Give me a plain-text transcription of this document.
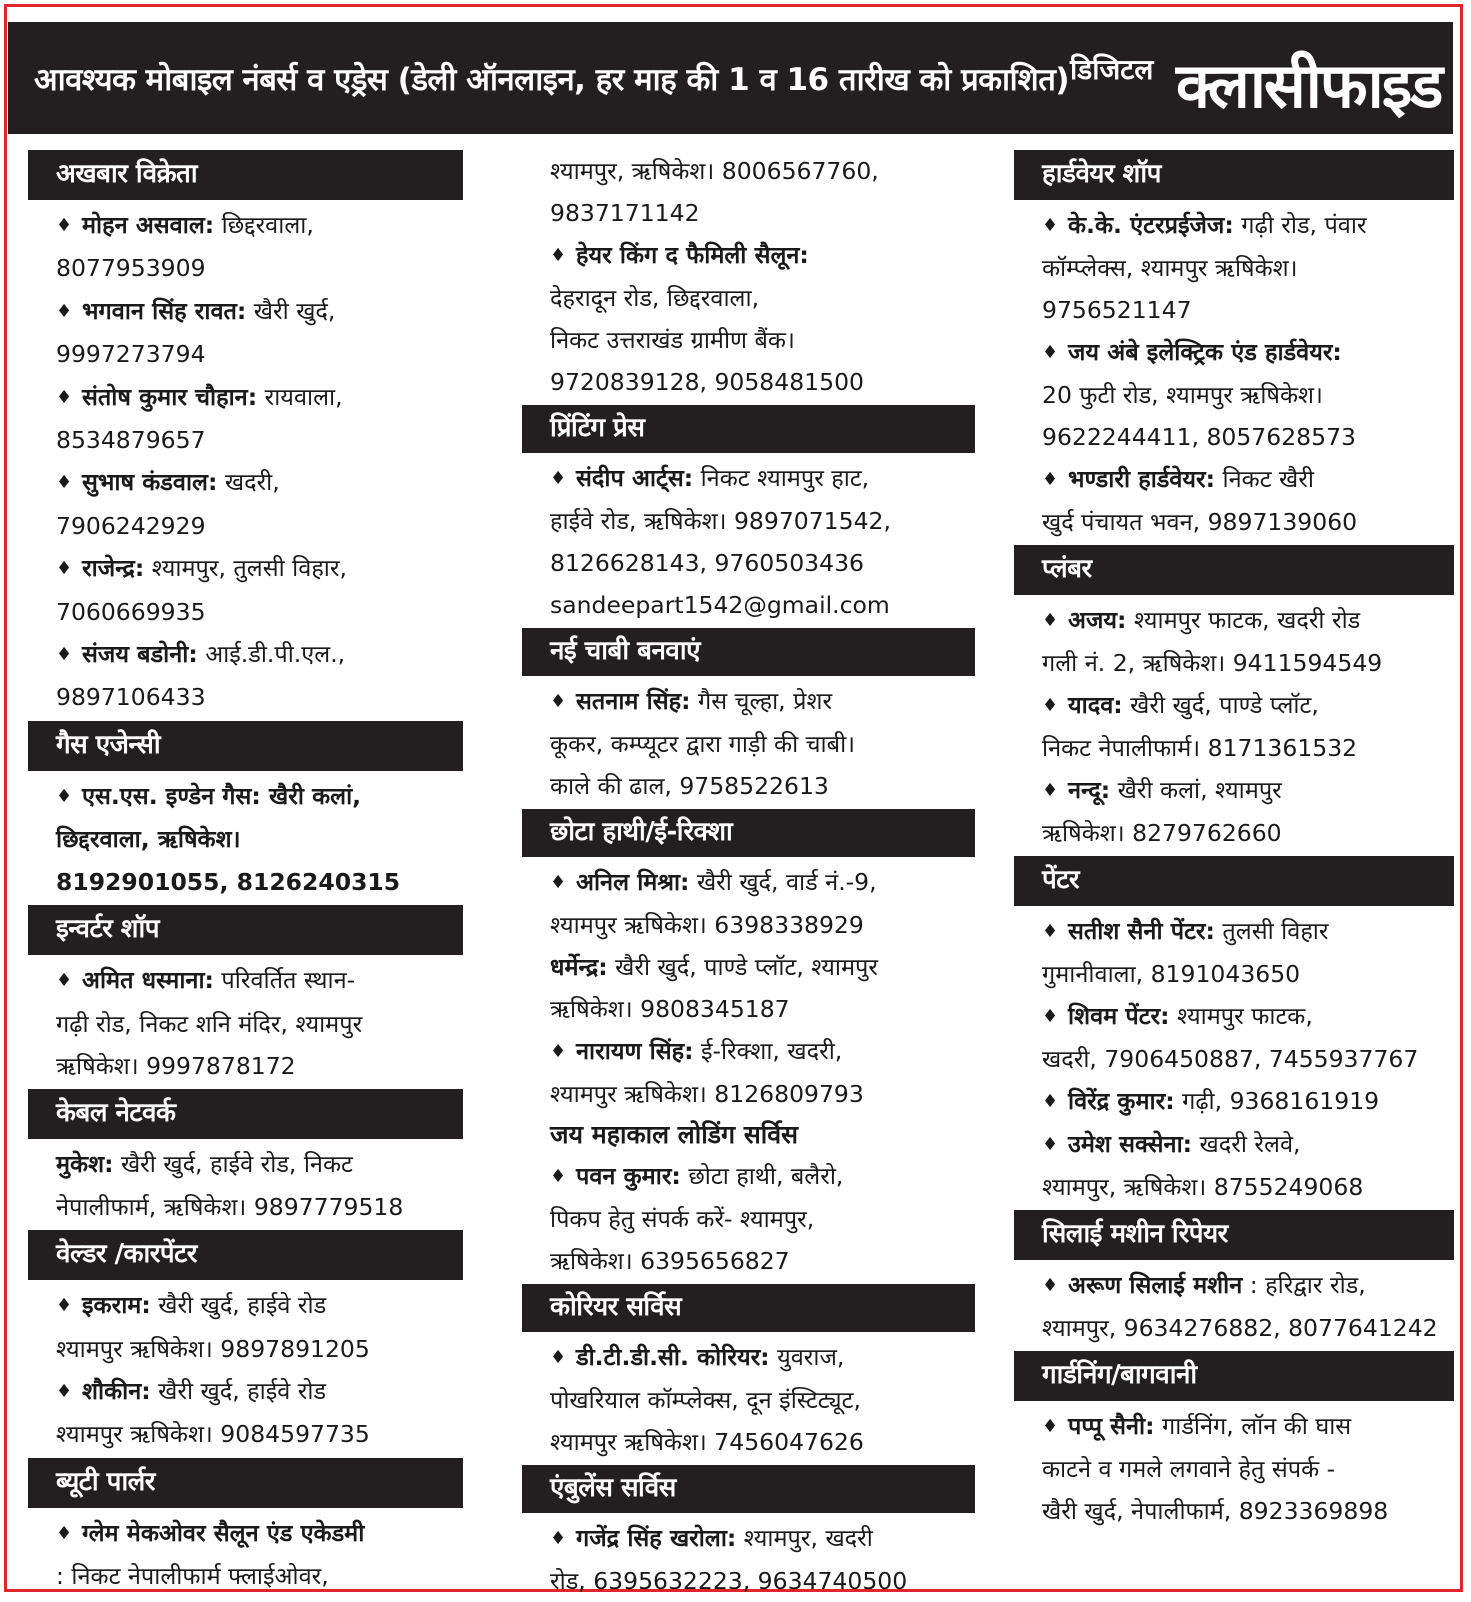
आवश्यक मोबाइल नंबर्स व एड्रेस (डेली ऑनलाइन, हर माह की 1 व 16 तारीख को प्रकाशित) डिजिटल क्लासीफाइड
अखबार विक्रेता
♦ मोहन असवाल: छिद्दरवाला,
8077953909
♦ भगवान सिंह रावत: खैरी खुर्द,
9997273794
♦ संतोष कुमार चौहान: रायवाला,
8534879657
♦ सुभाष कंडवाल: खदरी,
7906242929
♦ राजेन्द्र: श्यामपुर, तुलसी विहार,
7060669935
♦ संजय बडोनी: आई.डी.पी.एल.,
9897106433
गैस एजेन्सी
♦ एस.एस. इण्डेन गैस: खैरी कलां,
छिद्दरवाला, ऋषिकेश।
8192901055, 8126240315
इन्वर्टर शॉप
♦ अमित धस्माना: परिवर्तित स्थान-
गढ़ी रोड, निकट शनि मंदिर, श्यामपुर
ऋषिकेश। 9997878172
केबल नेटवर्क
मुकेश: खैरी खुर्द, हाईवे रोड, निकट
नेपालीफार्म, ऋषिकेश। 9897779518
वेल्डर /कारपेंटर
♦ इकराम: खैरी खुर्द, हाईवे रोड
श्यामपुर ऋषिकेश। 9897891205
♦ शौकीन: खैरी खुर्द, हाईवे रोड
श्यामपुर ऋषिकेश। 9084597735
ब्यूटी पार्लर
♦ ग्लेम मेकओवर सैलून एंड एकेडमी
: निकट नेपालीफार्म फ्लाईओवर,
श्यामपुर, ऋषिकेश। 8006567760,
9837171142
♦ हेयर किंग द फैमिली सैलून:
देहरादून रोड, छिद्दरवाला,
निकट उत्तराखंड ग्रामीण बैंक।
9720839128, 9058481500
प्रिंटिंग प्रेस
♦ संदीप आर्ट्स: निकट श्यामपुर हाट,
हाईवे रोड, ऋषिकेश। 9897071542,
8126628143, 9760503436
sandeepart1542@gmail.com
नई चाबी बनवाएं
♦ सतनाम सिंह: गैस चूल्हा, प्रेशर
कूकर, कम्प्यूटर द्वारा गाड़ी की चाबी।
काले की ढाल, 9758522613
छोटा हाथी/ई-रिक्शा
♦ अनिल मिश्रा: खैरी खुर्द, वार्ड नं.-9,
श्यामपुर ऋषिकेश। 6398338929
धर्मेन्द्र: खैरी खुर्द, पाण्डे प्लॉट, श्यामपुर
ऋषिकेश। 9808345187
♦ नारायण सिंह: ई-रिक्शा, खदरी,
श्यामपुर ऋषिकेश। 8126809793
जय महाकाल लोडिंग सर्विस
♦ पवन कुमार: छोटा हाथी, बलैरो,
पिकप हेतु संपर्क करें- श्यामपुर,
ऋषिकेश। 6395656827
कोरियर सर्विस
♦ डी.टी.डी.सी. कोरियर: युवराज,
पोखरियाल कॉम्प्लेक्स, दून इंस्टिट्यूट,
श्यामपुर ऋषिकेश। 7456047626
एंबुलेंस सर्विस
♦ गजेंद्र सिंह खरोला: श्यामपुर, खदरी
रोड, 6395632223, 9634740500
हार्डवेयर शॉप
♦ के.के. एंटरप्रईजेज: गढ़ी रोड, पंवार
कॉम्प्लेक्स, श्यामपुर ऋषिकेश।
9756521147
♦ जय अंबे इलेक्ट्रिक एंड हार्डवेयर:
20 फुटी रोड, श्यामपुर ऋषिकेश।
9622244411, 8057628573
♦ भण्डारी हार्डवेयर: निकट खैरी
खुर्द पंचायत भवन, 9897139060
प्लंबर
♦ अजय: श्यामपुर फाटक, खदरी रोड
गली नं. 2, ऋषिकेश। 9411594549
♦ यादव: खैरी खुर्द, पाण्डे प्लॉट,
निकट नेपालीफार्म। 8171361532
♦ नन्दू: खैरी कलां, श्यामपुर
ऋषिकेश। 8279762660
पेंटर
♦ सतीश सैनी पेंटर: तुलसी विहार
गुमानीवाला, 8191043650
♦ शिवम पेंटर: श्यामपुर फाटक,
खदरी, 7906450887, 7455937767
♦ विरेंद्र कुमार: गढ़ी, 9368161919
♦ उमेश सक्सेना: खदरी रेलवे,
श्यामपुर, ऋषिकेश। 8755249068
सिलाई मशीन रिपेयर
♦ अरूण सिलाई मशीन : हरिद्वार रोड,
श्यामपुर, 9634276882, 8077641242
गार्डनिंग/बागवानी
♦ पप्पू सैनी: गार्डनिंग, लॉन की घास
काटने व गमले लगवाने हेतु संपर्क -
खैरी खुर्द, नेपालीफार्म, 8923369898
